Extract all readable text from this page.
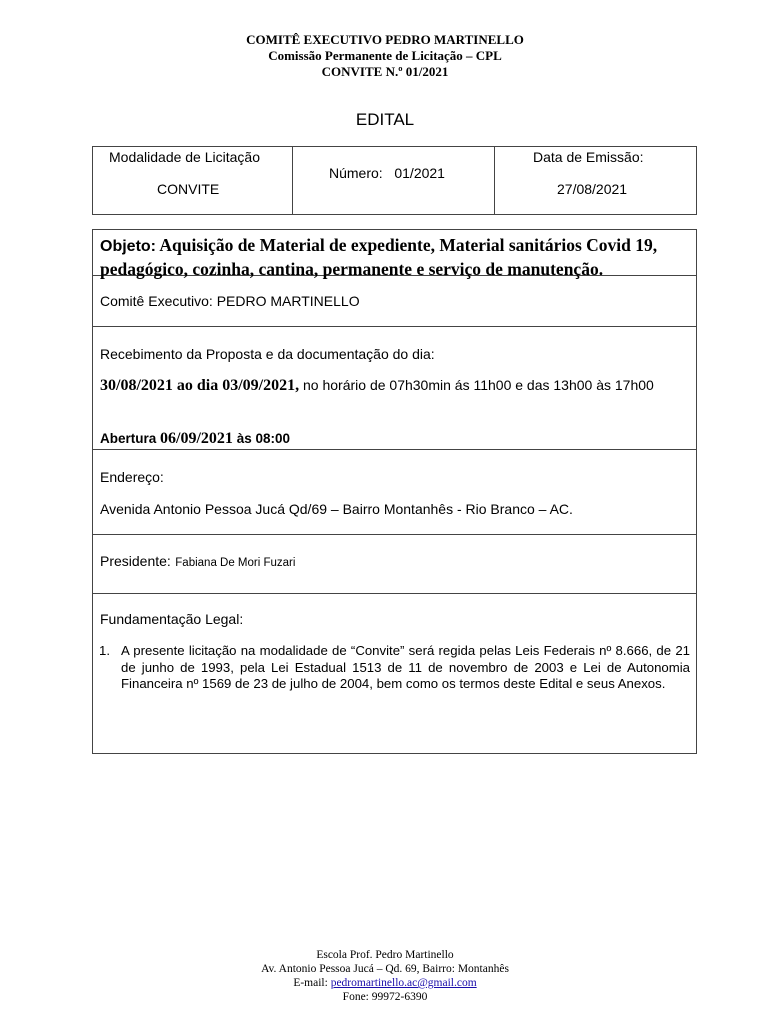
COMITÊ EXECUTIVO PEDRO MARTINELLO
Comissão Permanente de Licitação – CPL
CONVITE N.º 01/2021
EDITAL
Modalidade de Licitação
CONVITE
Número: 01/2021
Data de Emissão:
27/08/2021
Objeto: Aquisição de Material de expediente, Material sanitários Covid 19, pedagógico, cozinha, cantina, permanente e serviço de manutenção.
Comitê Executivo: PEDRO MARTINELLO
Recebimento da Proposta e da documentação do dia:
30/08/2021 ao dia 03/09/2021, no horário de 07h30min ás 11h00 e das 13h00 às 17h00
Abertura 06/09/2021 às 08:00
Endereço:
Avenida Antonio Pessoa Jucá Qd/69 – Bairro Montanhês - Rio Branco – AC.
Presidente: Fabiana De Mori Fuzari
Fundamentação Legal:
1. A presente licitação na modalidade de “Convite” será regida pelas Leis Federais nº 8.666, de 21 de junho de 1993, pela Lei Estadual 1513 de 11 de novembro de 2003 e Lei de Autonomia Financeira nº 1569 de 23 de julho de 2004, bem como os termos deste Edital e seus Anexos.
Escola Prof. Pedro Martinello
Av. Antonio Pessoa Jucá – Qd. 69, Bairro: Montanhês
E-mail: pedromartinello.ac@gmail.com
Fone: 99972-6390
